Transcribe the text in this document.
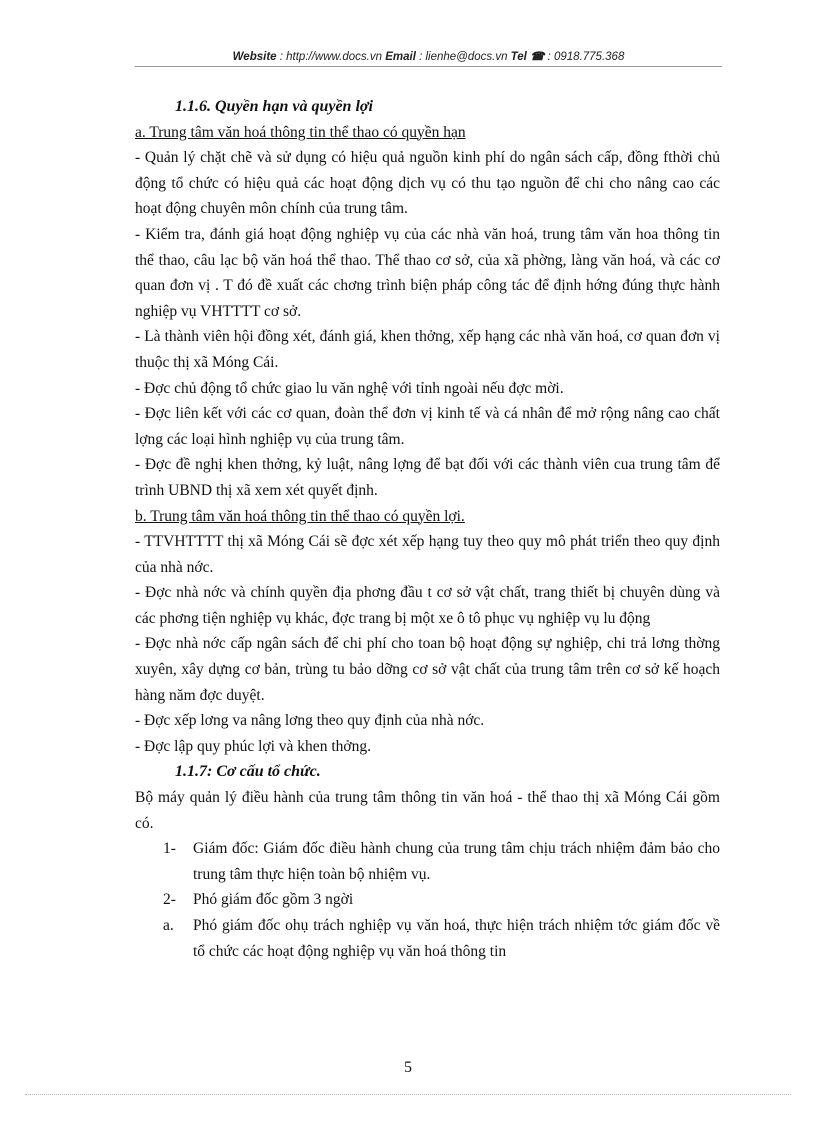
Website : http://www.docs.vn Email : lienhe@docs.vn Tel ☎ : 0918.775.368

1.1.6. Quyền hạn và quyền lợi

a. Trung tâm văn hoá thông tin thể thao có quyền hạn

- Quản lý chặt chẽ và sử dụng có hiệu quả nguồn kinh phí do ngân sách cấp, đồng fthời chủ động tổ chức có hiệu quả các hoạt động dịch vụ có thu tạo nguồn để chi cho nâng cao các hoạt động chuyên môn chính của trung tâm.

- Kiểm tra, đánh giá hoạt động nghiệp vụ của các nhà văn hoá, trung tâm văn hoa thông tin thể thao, câu lạc bộ văn hoá thể thao. Thể thao cơ sở, của xã phờng, làng văn hoá, và các cơ quan đơn vị . T đó đề xuất các chơng trình biện pháp công tác để định hớng đúng thực hành nghiệp vụ VHTTTT cơ sở.

- Là thành viên hội đồng xét, đánh giá, khen thởng, xếp hạng các nhà văn hoá, cơ quan đơn vị thuộc thị xã Móng Cái.

- Đợc chủ động tổ chức giao lu văn nghệ với tỉnh ngoài nếu đợc mời.

- Đợc liên kết với các cơ quan, đoàn thể đơn vị kinh tế và cá nhân để mở rộng nâng cao chất lợng các loại hình nghiệp vụ của trung tâm.

- Đợc đề nghị khen thởng, kỷ luật, nâng lợng để bạt đối với các thành viên cua trung tâm để trình UBND thị xã xem xét quyết định.

b. Trung tâm văn hoá thông tin thể thao có quyền lợi.

- TTVHTTTT thị xã Móng Cái sẽ đợc xét xếp hạng tuy theo quy mô phát triển theo quy định của nhà nớc.

- Đợc nhà nớc và chính quyền địa phơng đầu t cơ sở vật chất, trang thiết bị chuyên dùng và các phơng tiện nghiệp vụ khác, đợc trang bị một xe ô tô phục vụ nghiệp vụ lu động

- Đợc nhà nớc cấp ngân sách để chi phí cho toan bộ hoạt động sự nghiệp, chi trả lơng thờng xuyên, xây dựng cơ bản, trùng tu bảo dỡng cơ sở vật chất của trung tâm trên cơ sở kế hoạch hàng năm đợc duyệt.

- Đợc xếp lơng va nâng lơng theo quy định của nhà nớc.

- Đợc lập quy phúc lợi và khen thởng.

1.1.7: Cơ cấu tổ chức.

Bộ máy quản lý điều hành của trung tâm thông tin văn hoá - thể thao thị xã Móng Cái gồm có.

1-	Giám đốc: Giám đốc điều hành chung của trung tâm chịu trách nhiệm đảm bảo cho trung tâm thực hiện toàn bộ nhiệm vụ.
2-	Phó giám đốc gồm 3 ngời
a.	Phó giám đốc ohụ trách nghiệp vụ văn hoá, thực hiện trách nhiệm tớc giám đốc về tổ chức các hoạt động nghiệp vụ văn hoá thông tin
5
